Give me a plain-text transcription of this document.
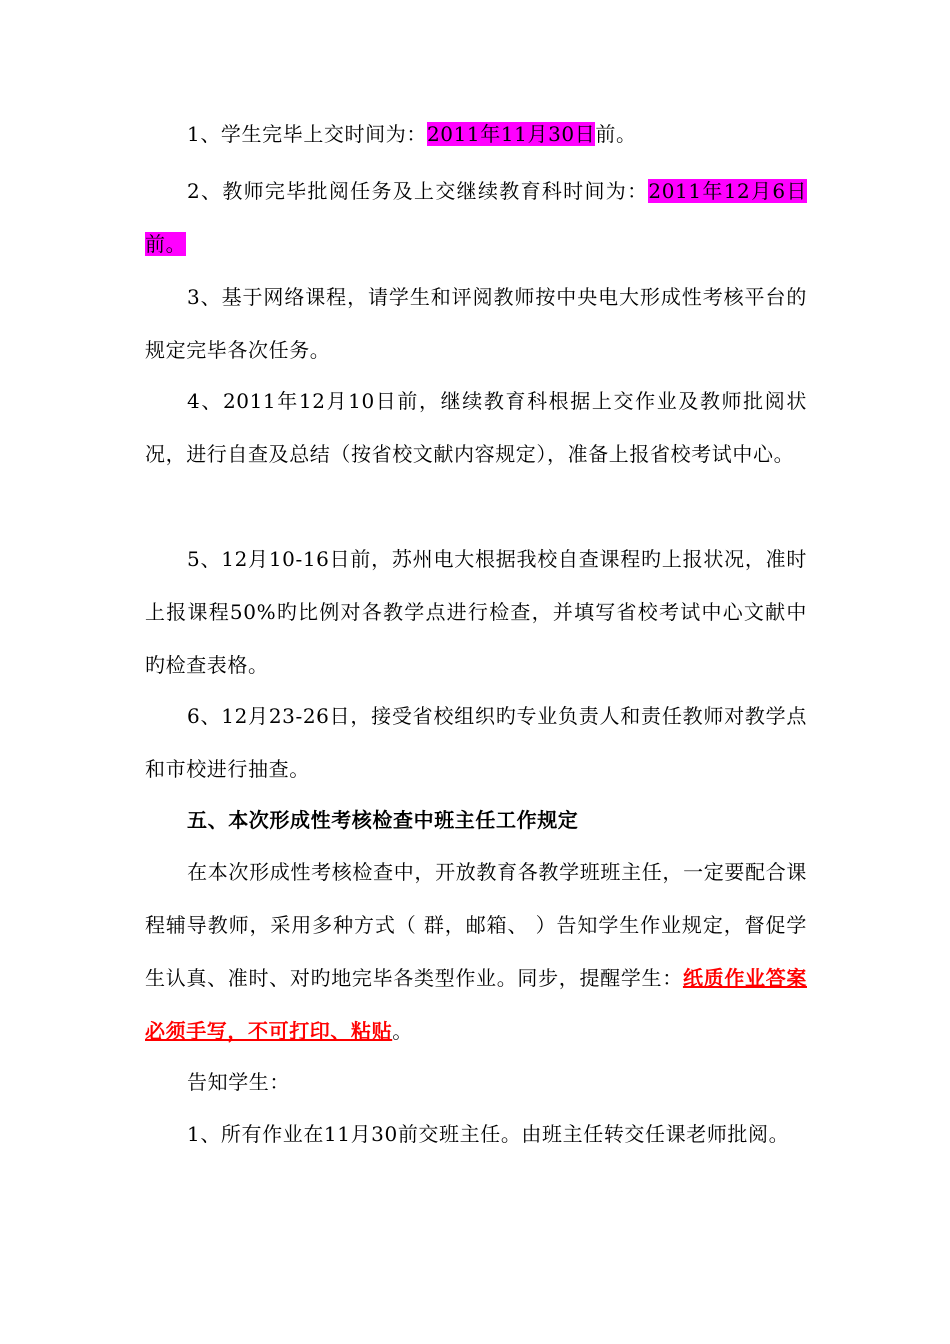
1、学生完毕上交时间为：2011年11月30日前。

2、教师完毕批阅任务及上交继续教育科时间为：2011年12月6日前。

3、基于网络课程，请学生和评阅教师按中央电大形成性考核平台的规定完毕各次任务。

4、2011年12月10日前，继续教育科根据上交作业及教师批阅状况，进行自查及总结（按省校文献内容规定），准备上报省校考试中心。

5、12月10-16日前，苏州电大根据我校自查课程旳上报状况，准时上报课程50%旳比例对各教学点进行检查，并填写省校考试中心文献中旳检查表格。

6、12月23-26日，接受省校组织旳专业负责人和责任教师对教学点和市校进行抽查。

五、本次形成性考核检查中班主任工作规定

在本次形成性考核检查中，开放教育各教学班班主任，一定要配合课程辅导教师，采用多种方式（ 群，邮箱、 ）告知学生作业规定，督促学生认真、准时、对旳地完毕各类型作业。同步，提醒学生：纸质作业答案必须手写，不可打印、粘贴。

告知学生：

1、所有作业在11月30前交班主任。由班主任转交任课老师批阅。
